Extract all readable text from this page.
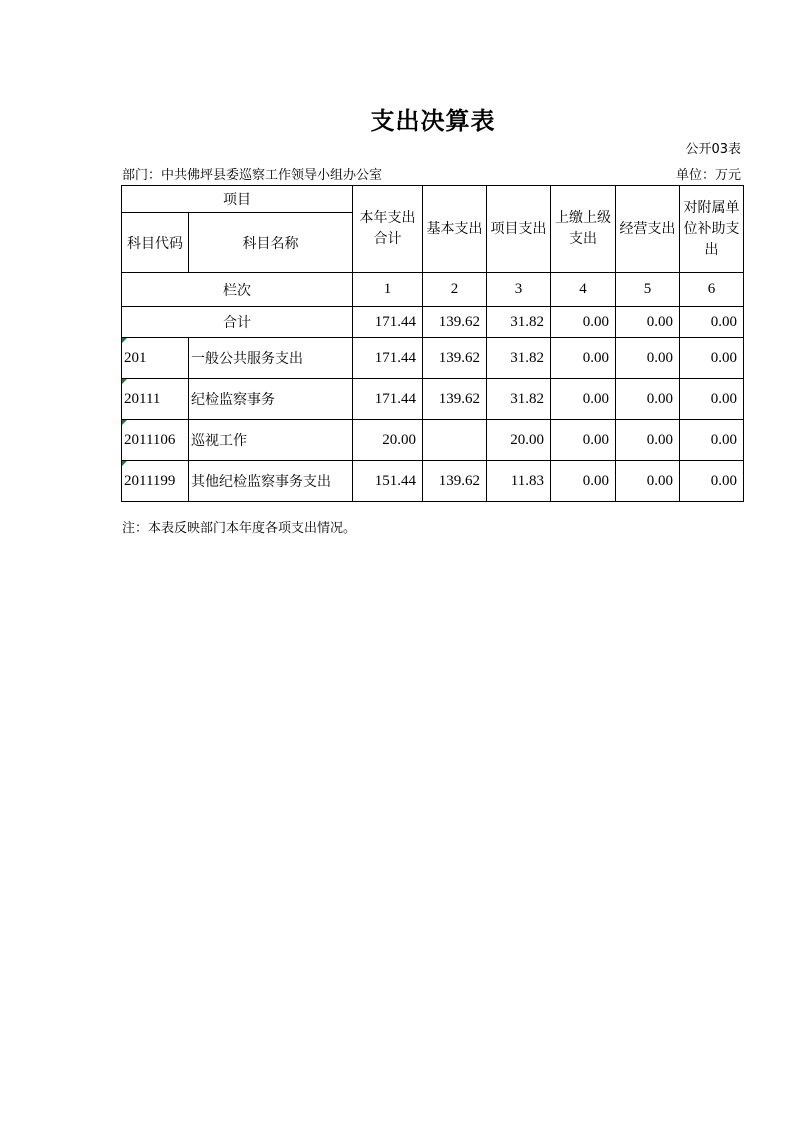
支出决算表
公开03表
部门：中共佛坪县委巡察工作领导小组办公室	单位：万元
项目		本年支出合计	基本支出	项目支出	上缴上级支出	经营支出	对附属单位补助支出
科目代码	科目名称						
栏次		1	2	3	4	5	6
合计		171.44	139.62	31.82	0.00	0.00	0.00
201	一般公共服务支出	171.44	139.62	31.82	0.00	0.00	0.00
20111	纪检监察事务	171.44	139.62	31.82	0.00	0.00	0.00
2011106	巡视工作	20.00		20.00	0.00	0.00	0.00
2011199	其他纪检监察事务支出	151.44	139.62	11.83	0.00	0.00	0.00
注：本表反映部门本年度各项支出情况。
